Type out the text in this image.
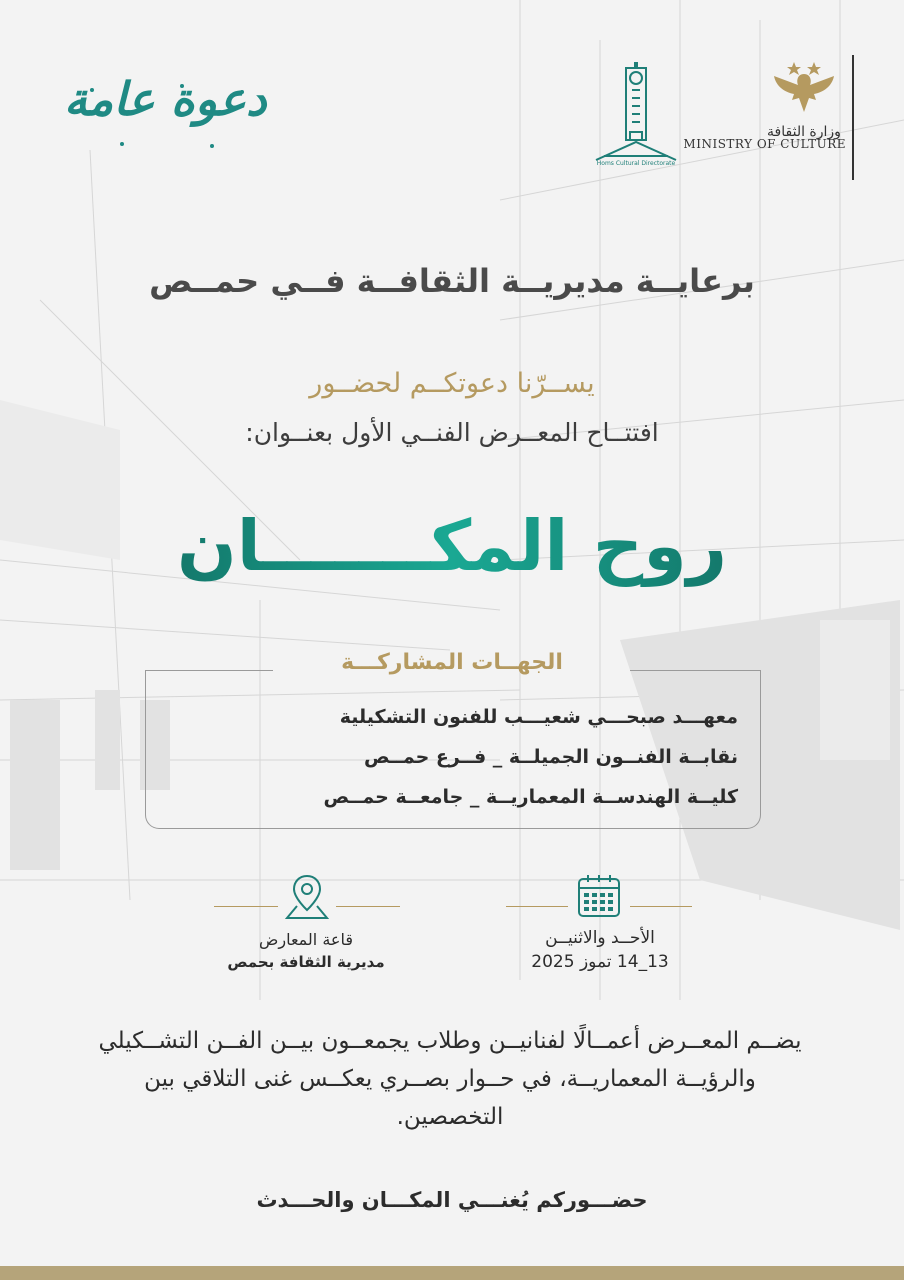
وزارة الثقافة
MINISTRY OF CULTURE
Homs Cultural Directorate
دعوة عامة
برعايــة مديريــة الثقافــة فــي حمــص
يســرّنا دعوتكــم لحضــور
افتتــاح المعــرض الفنــي الأول بعنــوان:
روح المكـــــــان
الجهــات المشاركـــة
معهـــد صبحـــي شعيـــب للفنون التشكيلية
نقابــة الفنــون الجميلــة _ فــرع حمــص
كليــة الهندســة المعماريــة _ جامعــة حمــص
الأحــد والاثنيــن
13_14 تموز 2025
قاعة المعارض
مديرية الثقافة بحمص
يضــم المعــرض أعمــالًا لفنانيــن وطلاب يجمعــون بيــن الفــن التشــكيلي والرؤيــة المعماريــة، في حــوار بصــري يعكــس غنى التلاقي بين التخصصين.
حضـــوركم يُغنـــي المكـــان والحـــدث
